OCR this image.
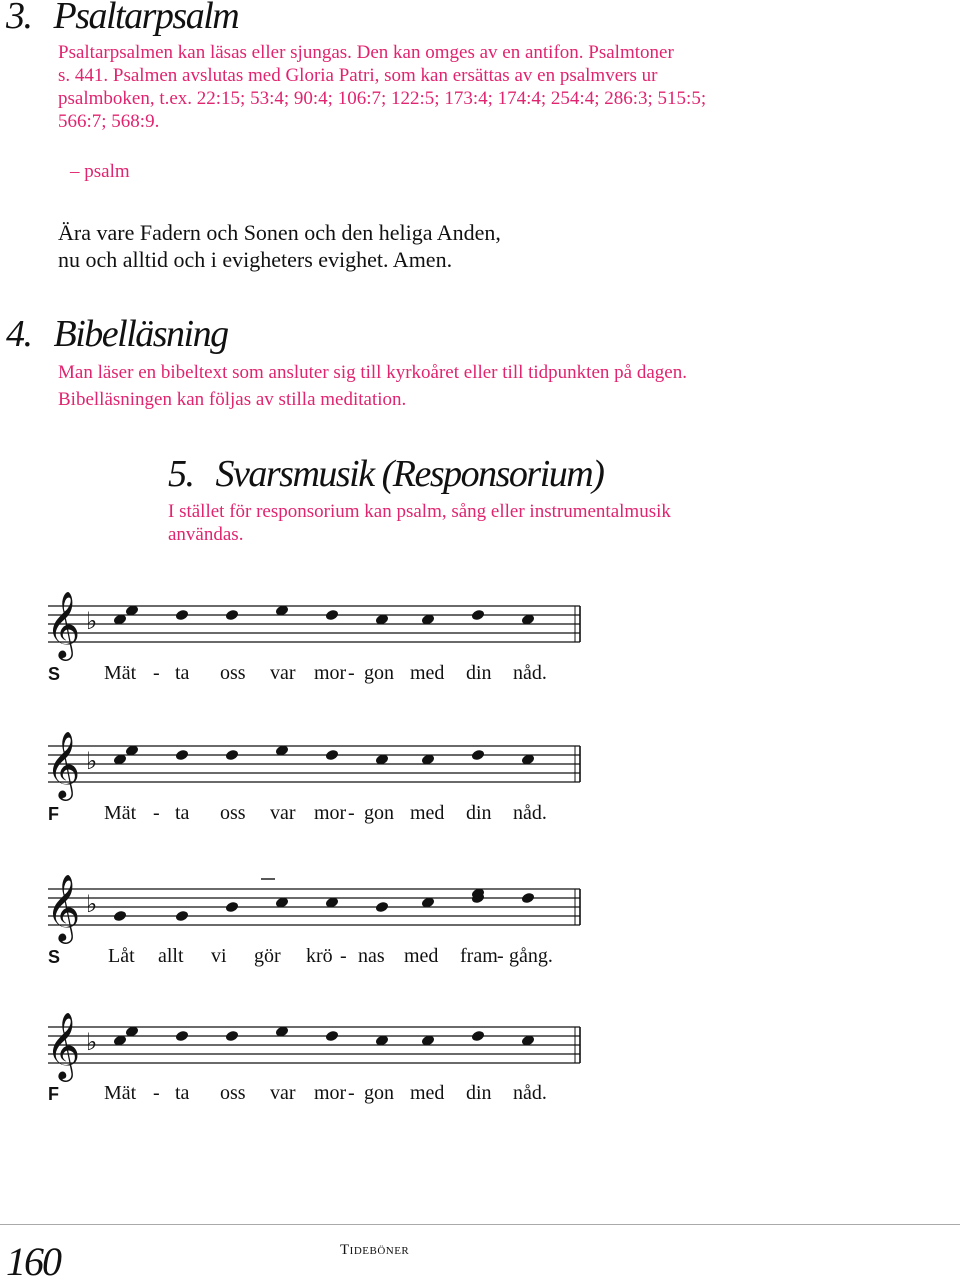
3. Psaltarpsalm
Psaltarpsalmen kan läsas eller sjungas. Den kan omges av en antifon. Psalmtoner
s. 441. Psalmen avslutas med Gloria Patri, som kan ersättas av en psalmvers ur
psalmboken, t.ex. 22:15; 53:4; 90:4; 106:7; 122:5; 173:4; 174:4; 254:4; 286:3; 515:5;
566:7; 568:9.
– psalm
Ära vare Fadern och Sonen och den heliga Anden,
nu och alltid och i evigheters evighet. Amen.
4. Bibelläsning
Man läser en bibeltext som ansluter sig till kyrkoåret eller till tidpunkten på dagen.
Bibelläsningen kan följas av stilla meditation.
5. Svarsmusik (Responsorium)
I stället för responsorium kan psalm, sång eller instrumentalmusik
användas.
𝄞 ♭
S Mät - ta oss var mor - gon med din nåd.
𝄞 ♭
F Mät - ta oss var mor - gon med din nåd.
𝄞 ♭
S Låt allt vi gör krö - nas med fram - gång.
𝄞 ♭
F Mät - ta oss var mor - gon med din nåd.
160	Tideböner
